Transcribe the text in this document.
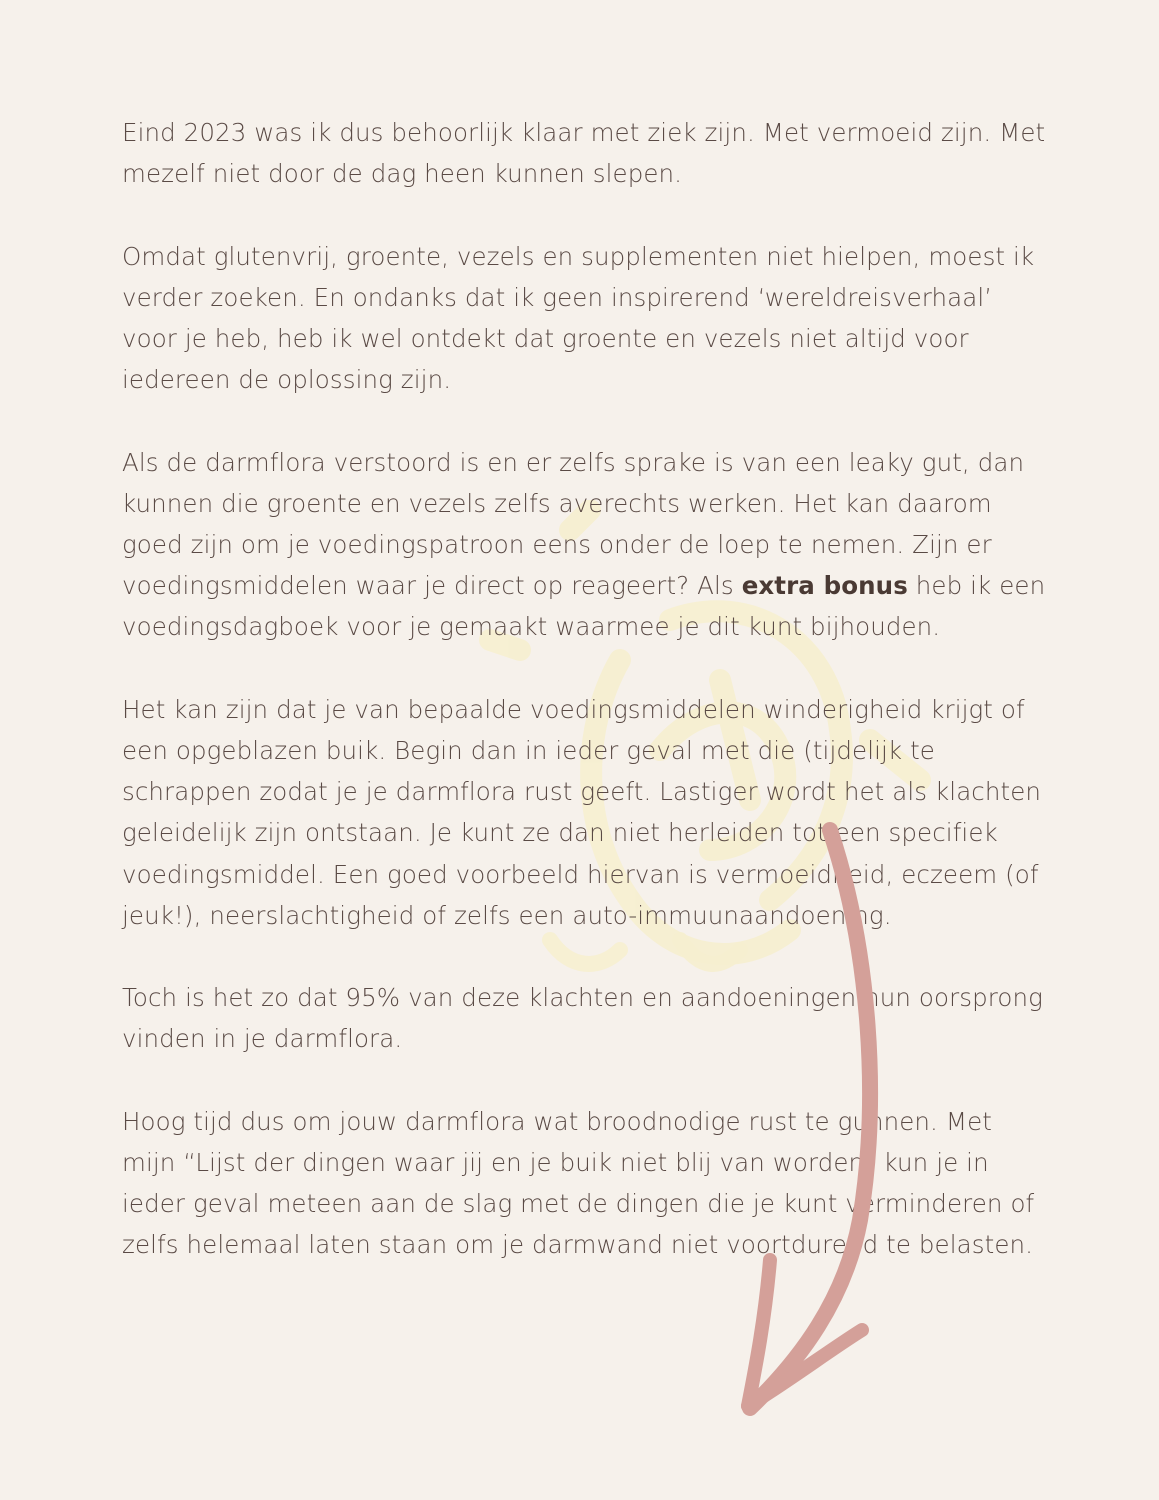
Eind 2023 was ik dus behoorlijk klaar met ziek zijn. Met vermoeid zijn. Met mezelf niet door de dag heen kunnen slepen.

Omdat glutenvrij, groente, vezels en supplementen niet hielpen, moest ik verder zoeken. En ondanks dat ik geen inspirerend ‘wereldreisverhaal’ voor je heb, heb ik wel ontdekt dat groente en vezels niet altijd voor iedereen de oplossing zijn.

Als de darmflora verstoord is en er zelfs sprake is van een leaky gut, dan kunnen die groente en vezels zelfs averechts werken. Het kan daarom goed zijn om je voedingspatroon eens onder de loep te nemen. Zijn er voedingsmiddelen waar je direct op reageert? Als extra bonus heb ik een voedingsdagboek voor je gemaakt waarmee je dit kunt bijhouden.

Het kan zijn dat je van bepaalde voedingsmiddelen winderigheid krijgt of een opgeblazen buik. Begin dan in ieder geval met die (tijdelijk te schrappen zodat je je darmflora rust geeft. Lastiger wordt het als klachten geleidelijk zijn ontstaan. Je kunt ze dan niet herleiden tot een specifiek voedingsmiddel. Een goed voorbeeld hiervan is vermoeidheid, eczeem (of jeuk!), neerslachtigheid of zelfs een auto-immuunaandoening.

Toch is het zo dat 95% van deze klachten en aandoeningen hun oorsprong vinden in je darmflora.

Hoog tijd dus om jouw darmflora wat broodnodige rust te gunnen. Met mijn “Lijst der dingen waar jij en je buik niet blij van worden” kun je in ieder geval meteen aan de slag met de dingen die je kunt verminderen of zelfs helemaal laten staan om je darmwand niet voortdurend te belasten.
